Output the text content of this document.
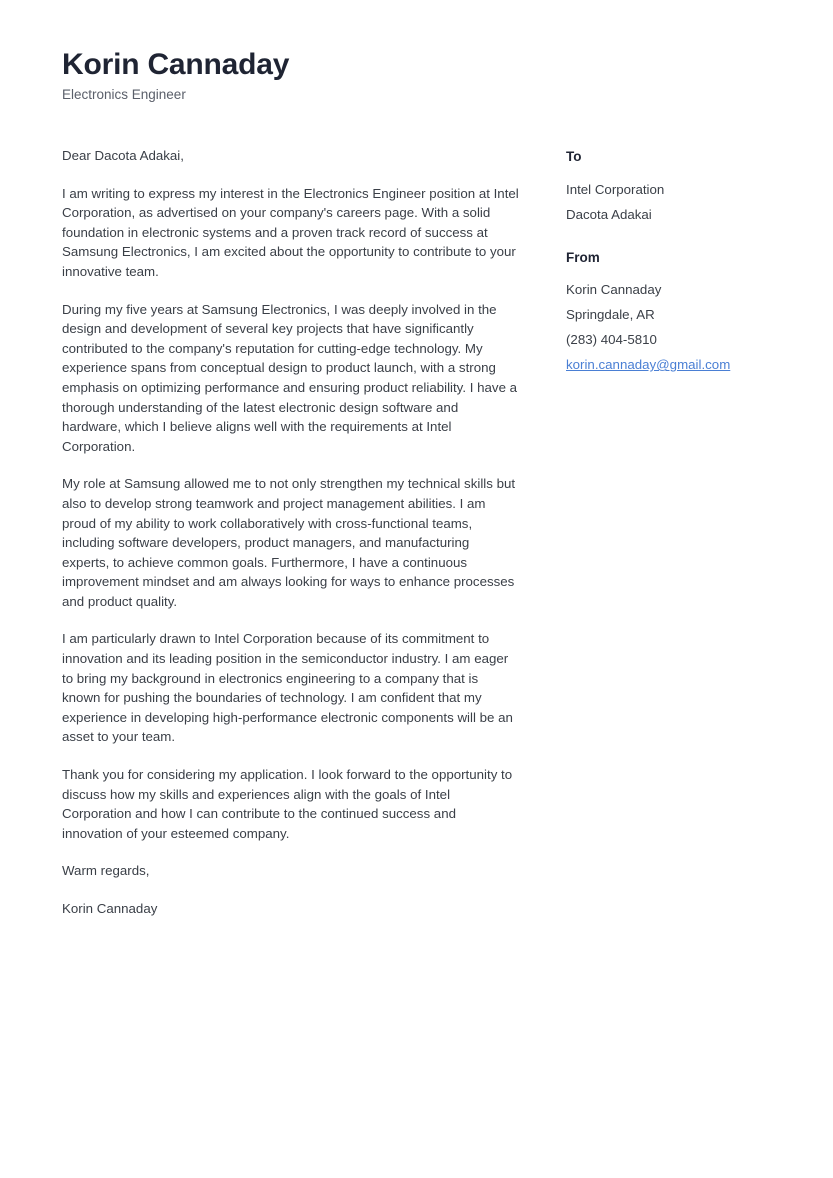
Korin Cannaday

Electronics Engineer

Dear Dacota Adakai,

I am writing to express my interest in the Electronics Engineer position at Intel Corporation, as advertised on your company's careers page. With a solid foundation in electronic systems and a proven track record of success at Samsung Electronics, I am excited about the opportunity to contribute to your innovative team.

During my five years at Samsung Electronics, I was deeply involved in the design and development of several key projects that have significantly contributed to the company's reputation for cutting-edge technology. My experience spans from conceptual design to product launch, with a strong emphasis on optimizing performance and ensuring product reliability. I have a thorough understanding of the latest electronic design software and hardware, which I believe aligns well with the requirements at Intel Corporation.

My role at Samsung allowed me to not only strengthen my technical skills but also to develop strong teamwork and project management abilities. I am proud of my ability to work collaboratively with cross-functional teams, including software developers, product managers, and manufacturing experts, to achieve common goals. Furthermore, I have a continuous improvement mindset and am always looking for ways to enhance processes and product quality.

I am particularly drawn to Intel Corporation because of its commitment to innovation and its leading position in the semiconductor industry. I am eager to bring my background in electronics engineering to a company that is known for pushing the boundaries of technology. I am confident that my experience in developing high-performance electronic components will be an asset to your team.

Thank you for considering my application. I look forward to the opportunity to discuss how my skills and experiences align with the goals of Intel Corporation and how I can contribute to the continued success and innovation of your esteemed company.

Warm regards,

Korin Cannaday

To

Intel Corporation

Dacota Adakai

From

Korin Cannaday

Springdale, AR

(283) 404-5810

korin.cannaday@gmail.com
